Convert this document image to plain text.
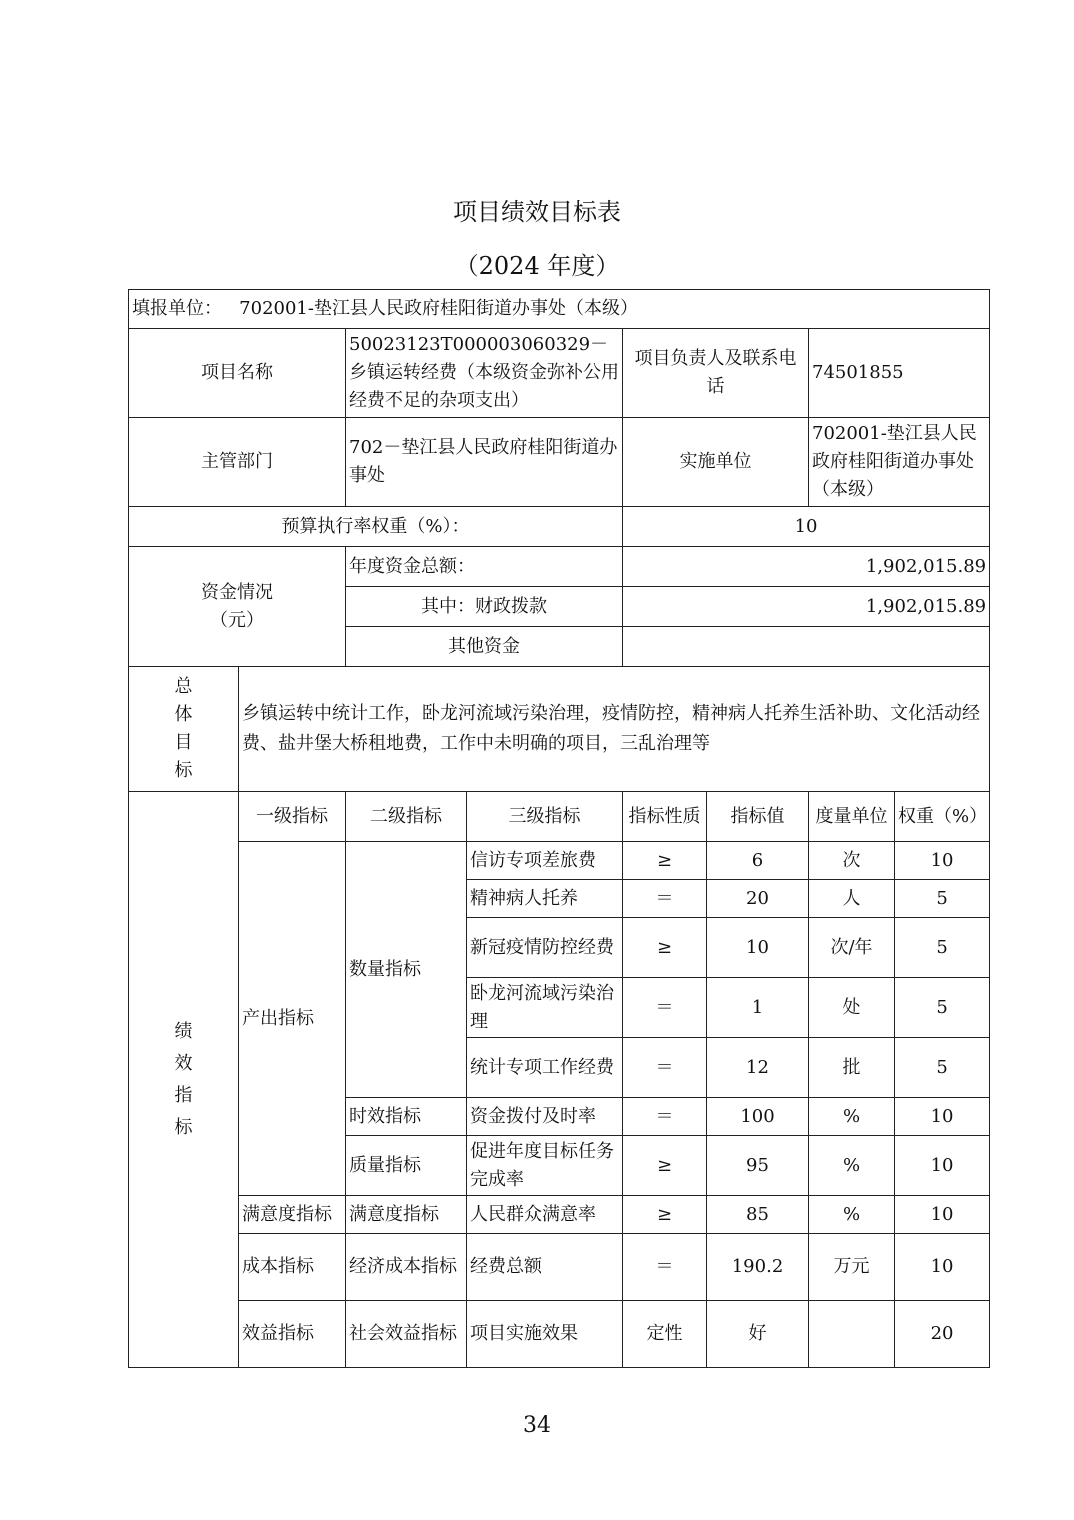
项目绩效目标表
（2024 年度）
填报单位： 702001-垫江县人民政府桂阳街道办事处（本级）							
项目名称		50023123T000003060329－乡镇运转经费（本级资金弥补公用经费不足的杂项支出）		项目负责人及联系电话		74501855	
主管部门		702－垫江县人民政府桂阳街道办事处		实施单位		702001-垫江县人民政府桂阳街道办事处（本级）	
预算执行率权重（%）：				10			

资金情况
（元）		年度资金总额：		1,902,015.89			
		其中：财政拨款		1,902,015.89			
		其他资金					

总
体
目
标	乡镇运转中统计工作，卧龙河流域污染治理，疫情防控，精神病人托养生活补助、文化活动经费、盐井堡大桥租地费，工作中未明确的项目，三乱治理等						

绩
效
指
标	一级指标	二级指标	三级指标	指标性质	指标值	度量单位	权重（%）
	产出指标	数量指标	信访专项差旅费	≥	6	次	10
			精神病人托养	＝	20	人	5
			新冠疫情防控经费	≥	10	次/年	5
			卧龙河流域污染治理	＝	1	处	5
			统计专项工作经费	＝	12	批	5
		时效指标	资金拨付及时率	＝	100	%	10
		质量指标	促进年度目标任务完成率	≥	95	%	10
	满意度指标	满意度指标	人民群众满意率	≥	85	%	10
	成本指标	经济成本指标	经费总额	＝	190.2	万元	10
	效益指标	社会效益指标	项目实施效果	定性	好		20
34
